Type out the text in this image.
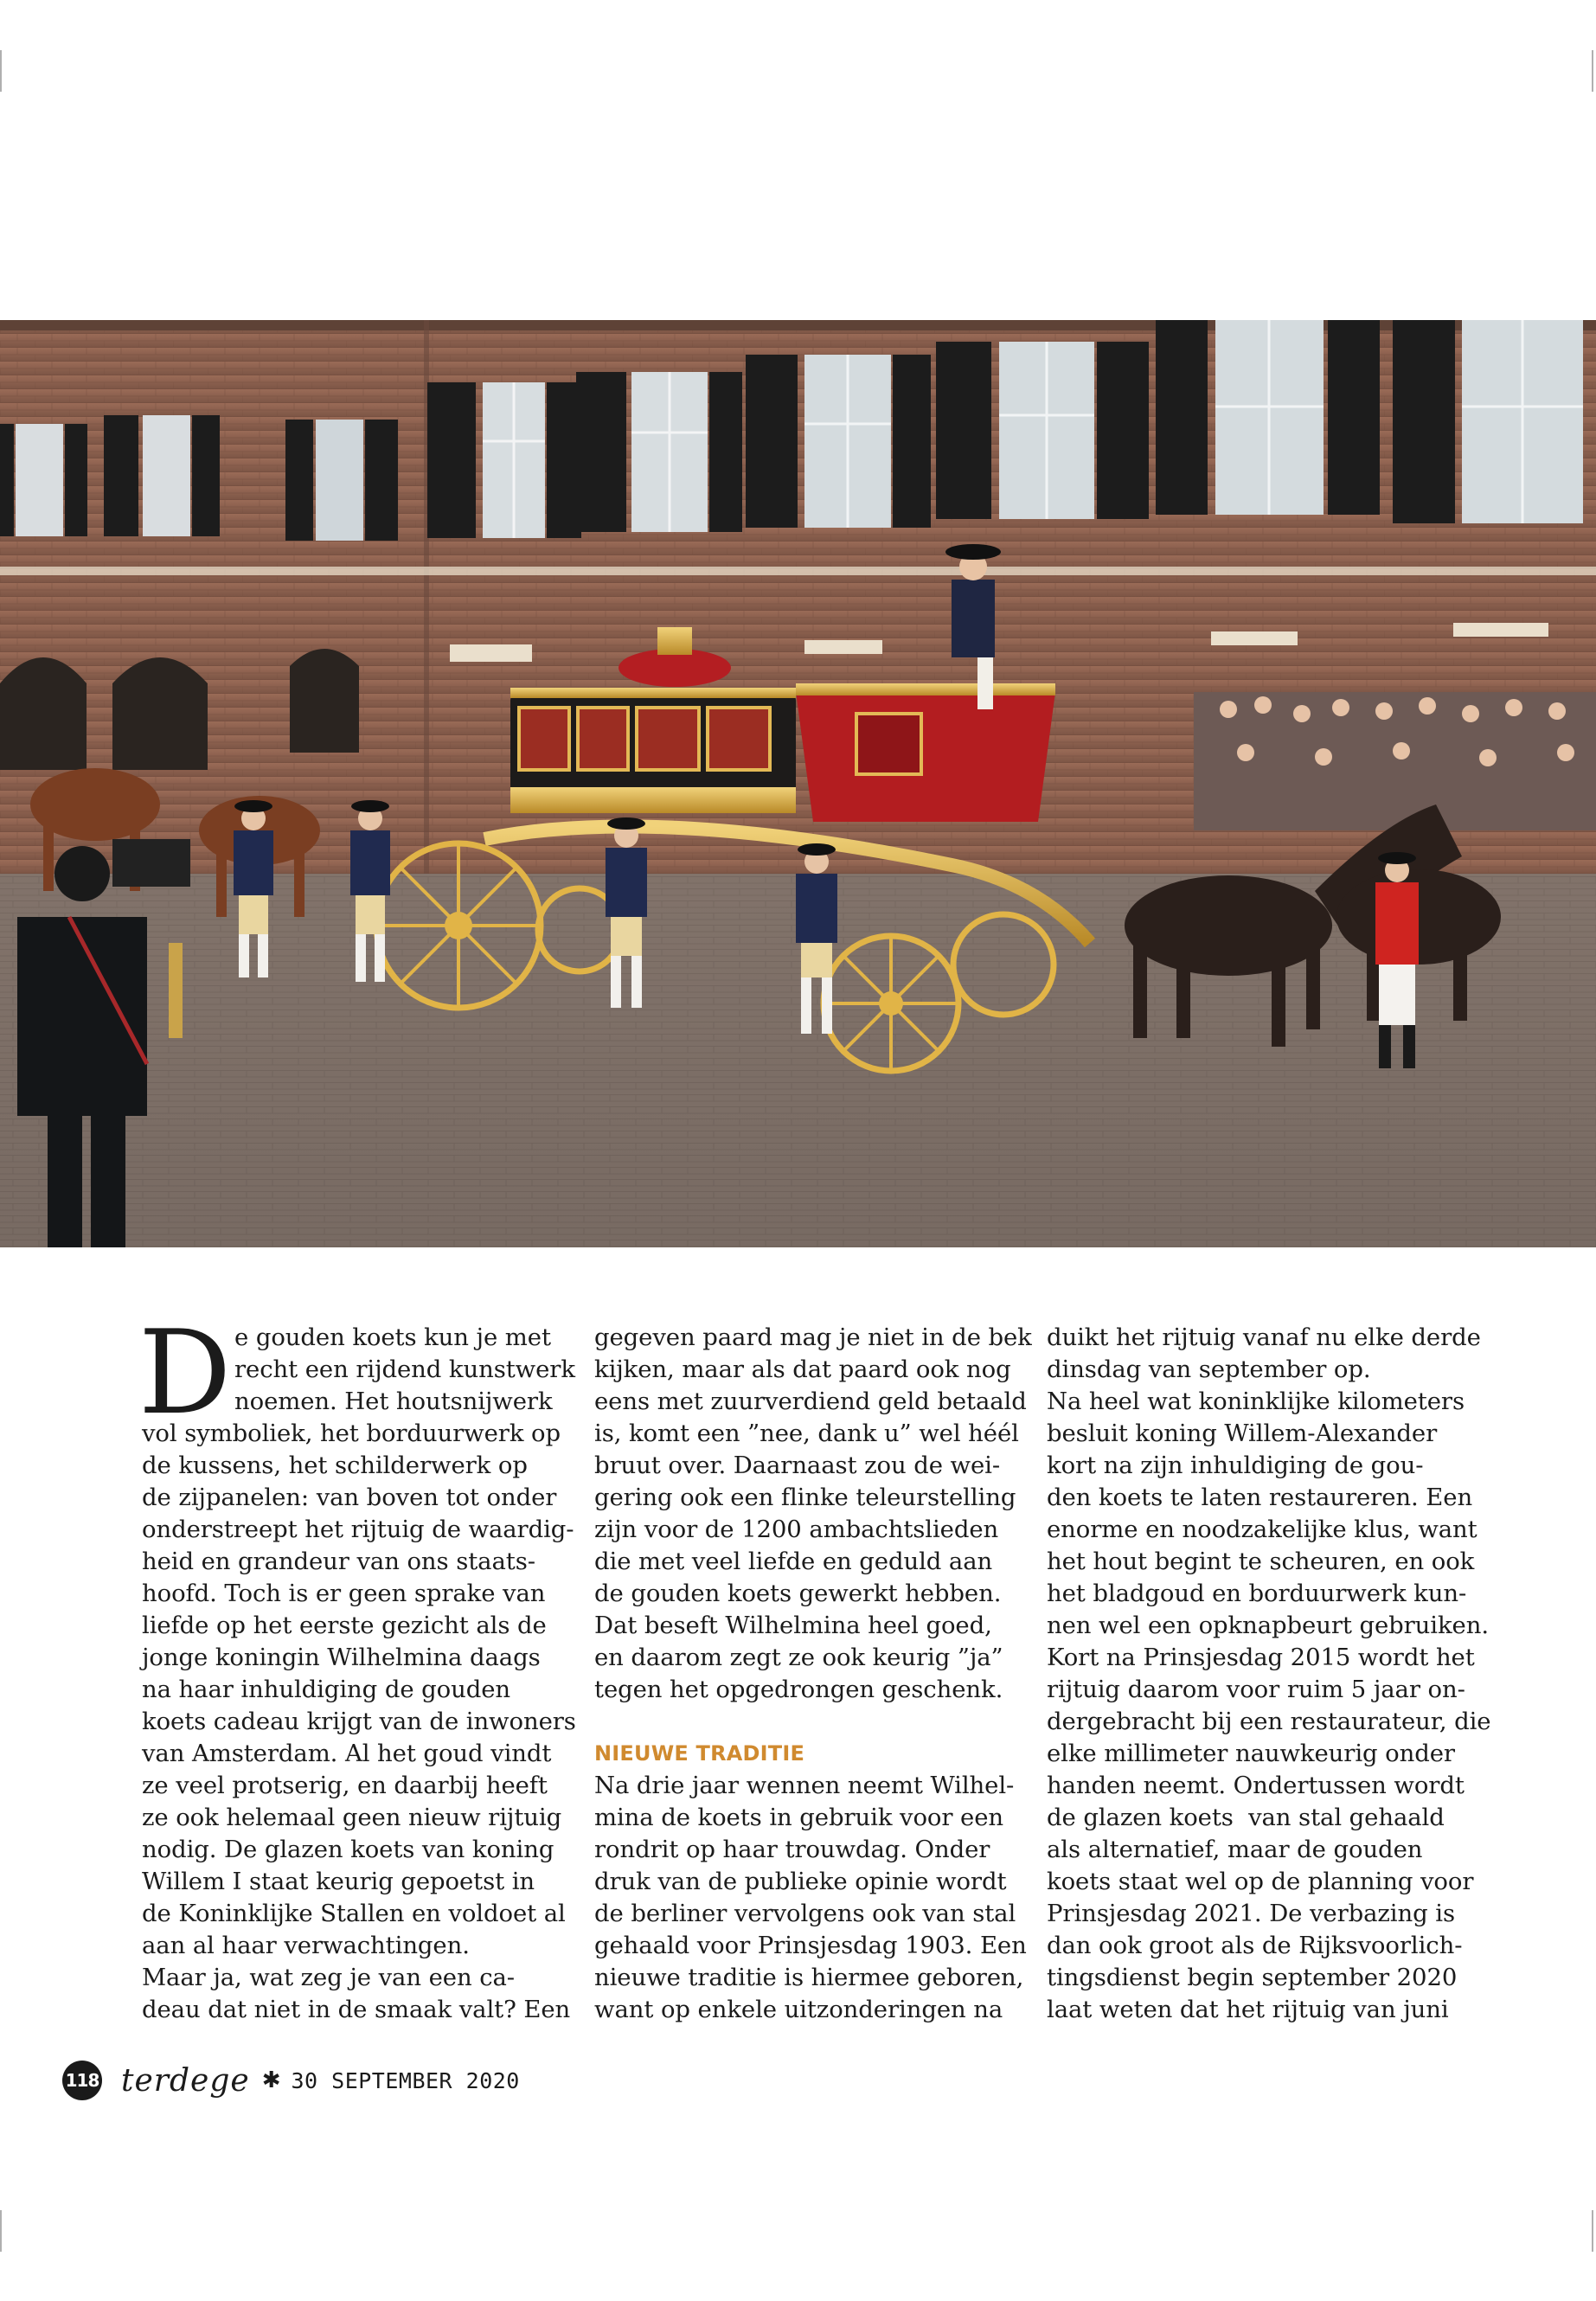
D e gouden koets kun je met
recht een rijdend kunstwerk
noemen. Het houtsnijwerk
vol symboliek, het borduurwerk op
de kussens, het schilderwerk op
de zijpanelen: van boven tot onder
onderstreept het rijtuig de waardig-
heid en grandeur van ons staats-
hoofd. Toch is er geen sprake van
liefde op het eerste gezicht als de
jonge koningin Wilhelmina daags
na haar inhuldiging de gouden
koets cadeau krijgt van de inwoners
van Amsterdam. Al het goud vindt
ze veel protserig, en daarbij heeft
ze ook helemaal geen nieuw rijtuig
nodig. De glazen koets van koning
Willem I staat keurig gepoetst in
de Koninklijke Stallen en voldoet al
aan al haar verwachtingen.
Maar ja, wat zeg je van een ca-
deau dat niet in de smaak valt? Een
gegeven paard mag je niet in de bek
kijken, maar als dat paard ook nog
eens met zuurverdiend geld betaald
is, komt een ”nee, dank u” wel héél
bruut over. Daarnaast zou de wei-
gering ook een flinke teleurstelling
zijn voor de 1200 ambachtslieden
die met veel liefde en geduld aan
de gouden koets gewerkt hebben.
Dat beseft Wilhelmina heel goed,
en daarom zegt ze ook keurig ”ja”
tegen het opgedrongen geschenk.
NIEUWE TRADITIE
Na drie jaar wennen neemt Wilhel-
mina de koets in gebruik voor een
rondrit op haar trouwdag. Onder
druk van de publieke opinie wordt
de berliner vervolgens ook van stal
gehaald voor Prinsjesdag 1903. Een
nieuwe traditie is hiermee geboren,
want op enkele uitzonderingen na
duikt het rijtuig vanaf nu elke derde
dinsdag van september op.
Na heel wat koninklijke kilometers
besluit koning Willem-Alexander
kort na zijn inhuldiging de gou-
den koets te laten restaureren. Een
enorme en noodzakelijke klus, want
het hout begint te scheuren, en ook
het bladgoud en borduurwerk kun-
nen wel een opknapbeurt gebruiken.
Kort na Prinsjesdag 2015 wordt het
rijtuig daarom voor ruim 5 jaar on-
dergebracht bij een restaurateur, die
elke millimeter nauwkeurig onder
handen neemt. Ondertussen wordt
de glazen koets  van stal gehaald
als alternatief, maar de gouden
koets staat wel op de planning voor
Prinsjesdag 2021. De verbazing is
dan ook groot als de Rijksvoorlich-
tingsdienst begin september 2020
laat weten dat het rijtuig van juni
118 terdege ✱ 30 SEPTEMBER 2020
